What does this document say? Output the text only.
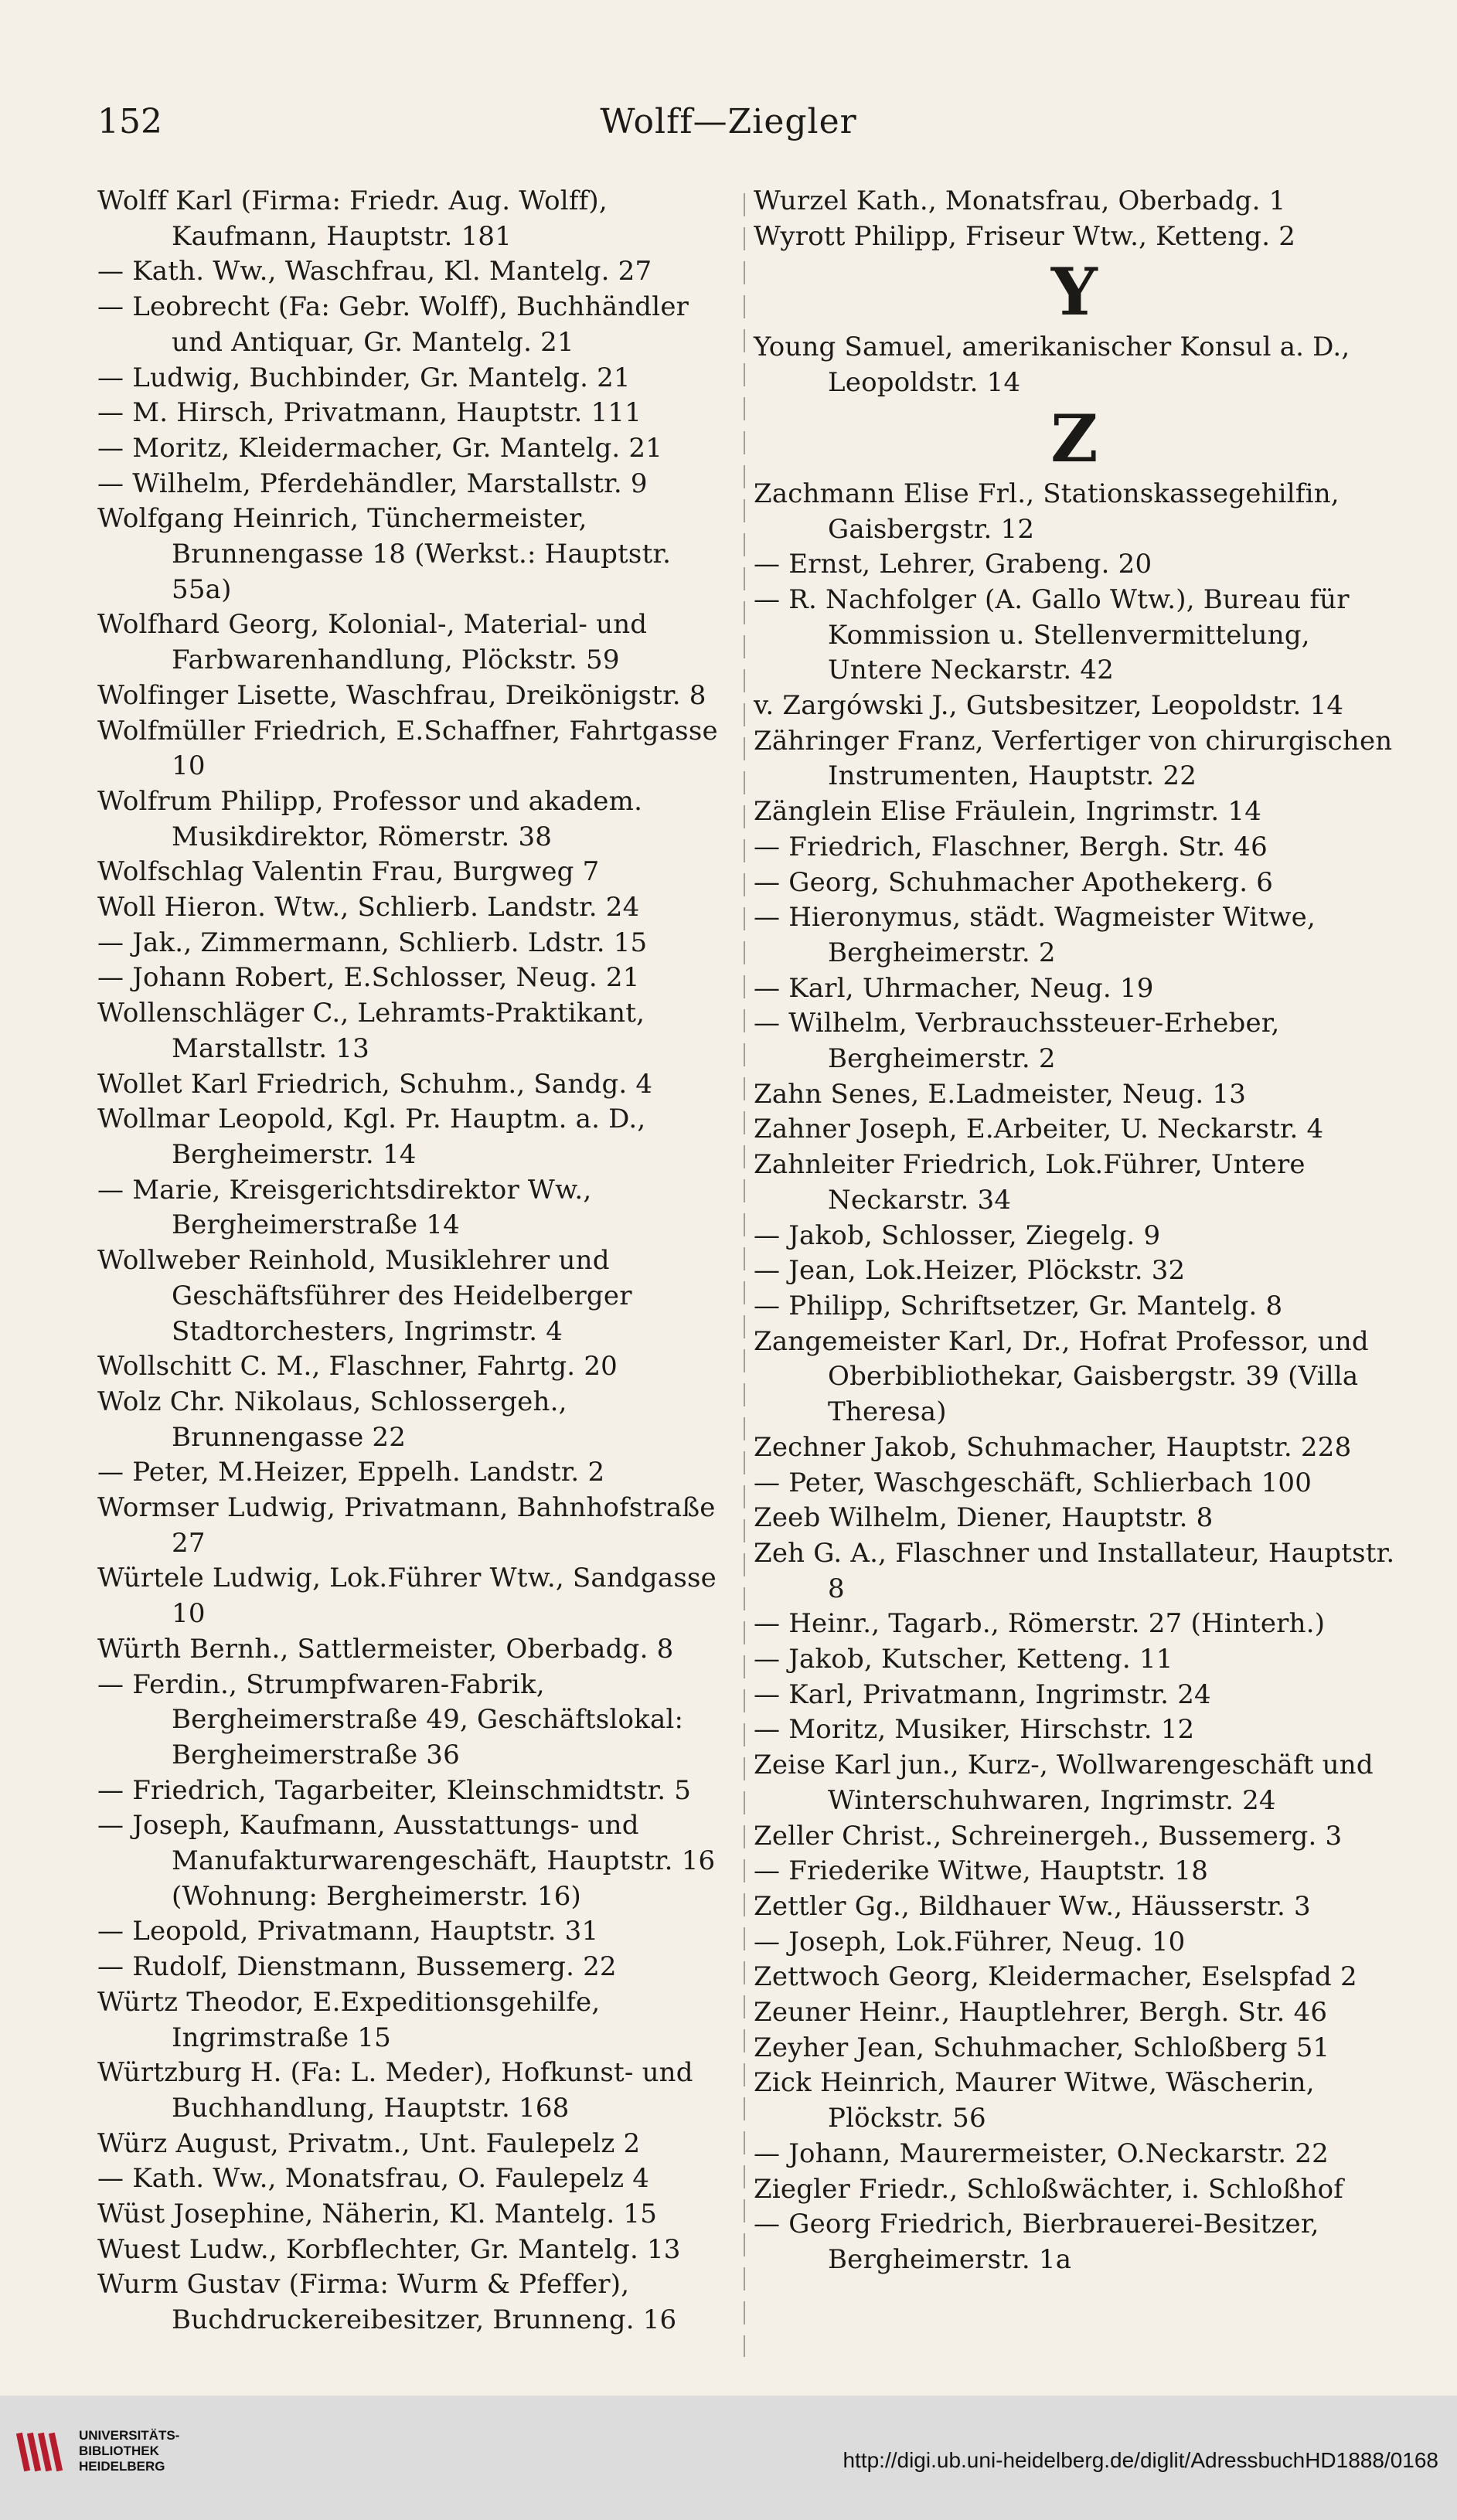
152	Wolff—Ziegler
Wolff Karl (Firma: Friedr. Aug. Wolff), Kaufmann, Hauptstr. 181
— Kath. Ww., Waschfrau, Kl. Mantelg. 27
— Leobrecht (Fa: Gebr. Wolff), Buchhändler und Antiquar, Gr. Mantelg. 21
— Ludwig, Buchbinder, Gr. Mantelg. 21
— M. Hirsch, Privatmann, Hauptstr. 111
— Moritz, Kleidermacher, Gr. Mantelg. 21
— Wilhelm, Pferdehändler, Marstallstr. 9
Wolfgang Heinrich, Tünchermeister, Brunnengasse 18 (Werkst.: Hauptstr. 55a)
Wolfhard Georg, Kolonial-, Material- und Farbwarenhandlung, Plöckstr. 59
Wolfinger Lisette, Waschfrau, Dreikönigstr. 8
Wolfmüller Friedrich, E.Schaffner, Fahrtgasse 10
Wolfrum Philipp, Professor und akadem. Musikdirektor, Römerstr. 38
Wolfschlag Valentin Frau, Burgweg 7
Woll Hieron. Wtw., Schlierb. Landstr. 24
— Jak., Zimmermann, Schlierb. Ldstr. 15
— Johann Robert, E.Schlosser, Neug. 21
Wollenschläger C., Lehramts-Praktikant, Marstallstr. 13
Wollet Karl Friedrich, Schuhm., Sandg. 4
Wollmar Leopold, Kgl. Pr. Hauptm. a. D., Bergheimerstr. 14
— Marie, Kreisgerichtsdirektor Ww., Bergheimerstraße 14
Wollweber Reinhold, Musiklehrer und Geschäftsführer des Heidelberger Stadtorchesters, Ingrimstr. 4
Wollschitt C. M., Flaschner, Fahrtg. 20
Wolz Chr. Nikolaus, Schlossergeh., Brunnengasse 22
— Peter, M.Heizer, Eppelh. Landstr. 2
Wormser Ludwig, Privatmann, Bahnhofstraße 27
Würtele Ludwig, Lok.Führer Wtw., Sandgasse 10
Würth Bernh., Sattlermeister, Oberbadg. 8
— Ferdin., Strumpfwaren-Fabrik, Bergheimerstraße 49, Geschäftslokal: Bergheimerstraße 36
— Friedrich, Tagarbeiter, Kleinschmidtstr. 5
— Joseph, Kaufmann, Ausstattungs- und Manufakturwarengeschäft, Hauptstr. 16 (Wohnung: Bergheimerstr. 16)
— Leopold, Privatmann, Hauptstr. 31
— Rudolf, Dienstmann, Bussemerg. 22
Würtz Theodor, E.Expeditionsgehilfe, Ingrimstraße 15
Würtzburg H. (Fa: L. Meder), Hofkunst- und Buchhandlung, Hauptstr. 168
Würz August, Privatm., Unt. Faulepelz 2
— Kath. Ww., Monatsfrau, O. Faulepelz 4
Wüst Josephine, Näherin, Kl. Mantelg. 15
Wuest Ludw., Korbflechter, Gr. Mantelg. 13
Wurm Gustav (Firma: Wurm & Pfeffer), Buchdruckereibesitzer, Brunneng. 16
Wurzel Kath., Monatsfrau, Oberbadg. 1
Wyrott Philipp, Friseur Wtw., Ketteng. 2
Y
Young Samuel, amerikanischer Konsul a. D., Leopoldstr. 14
Z
Zachmann Elise Frl., Stationskassegehilfin, Gaisbergstr. 12
— Ernst, Lehrer, Grabeng. 20
— R. Nachfolger (A. Gallo Wtw.), Bureau für Kommission u. Stellenvermittelung, Untere Neckarstr. 42
v. Zargówski J., Gutsbesitzer, Leopoldstr. 14
Zähringer Franz, Verfertiger von chirurgischen Instrumenten, Hauptstr. 22
Zänglein Elise Fräulein, Ingrimstr. 14
— Friedrich, Flaschner, Bergh. Str. 46
— Georg, Schuhmacher Apothekerg. 6
— Hieronymus, städt. Wagmeister Witwe, Bergheimerstr. 2
— Karl, Uhrmacher, Neug. 19
— Wilhelm, Verbrauchssteuer-Erheber, Bergheimerstr. 2
Zahn Senes, E.Ladmeister, Neug. 13
Zahner Joseph, E.Arbeiter, U. Neckarstr. 4
Zahnleiter Friedrich, Lok.Führer, Untere Neckarstr. 34
— Jakob, Schlosser, Ziegelg. 9
— Jean, Lok.Heizer, Plöckstr. 32
— Philipp, Schriftsetzer, Gr. Mantelg. 8
Zangemeister Karl, Dr., Hofrat Professor, und Oberbibliothekar, Gaisbergstr. 39 (Villa Theresa)
Zechner Jakob, Schuhmacher, Hauptstr. 228
— Peter, Waschgeschäft, Schlierbach 100
Zeeb Wilhelm, Diener, Hauptstr. 8
Zeh G. A., Flaschner und Installateur, Hauptstr. 8
— Heinr., Tagarb., Römerstr. 27 (Hinterh.)
— Jakob, Kutscher, Ketteng. 11
— Karl, Privatmann, Ingrimstr. 24
— Moritz, Musiker, Hirschstr. 12
Zeise Karl jun., Kurz-, Wollwarengeschäft und Winterschuhwaren, Ingrimstr. 24
Zeller Christ., Schreinergeh., Bussemerg. 3
— Friederike Witwe, Hauptstr. 18
Zettler Gg., Bildhauer Ww., Häusserstr. 3
— Joseph, Lok.Führer, Neug. 10
Zettwoch Georg, Kleidermacher, Eselspfad 2
Zeuner Heinr., Hauptlehrer, Bergh. Str. 46
Zeyher Jean, Schuhmacher, Schloßberg 51
Zick Heinrich, Maurer Witwe, Wäscherin, Plöckstr. 56
— Johann, Maurermeister, O.Neckarstr. 22
Ziegler Friedr., Schloßwächter, i. Schloßhof
— Georg Friedrich, Bierbrauerei-Besitzer, Bergheimerstr. 1a
UNIVERSITÄTS-
BIBLIOTHEK
HEIDELBERG	http://digi.ub.uni-heidelberg.de/diglit/AdressbuchHD1888/0168
